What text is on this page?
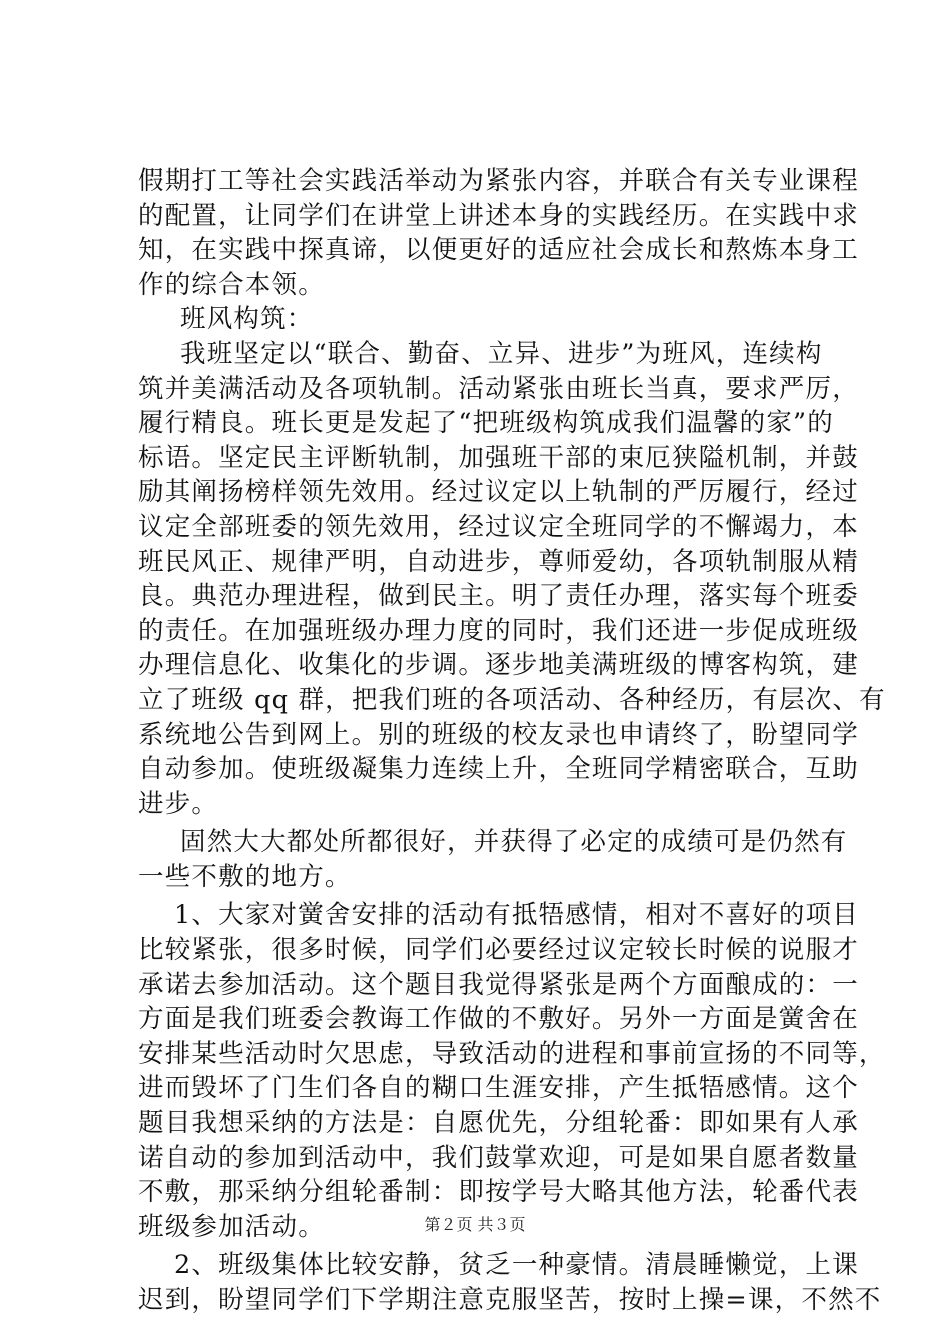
假期打工等社会实践活举动为紧张内容，并联合有关专业课程
的配置，让同学们在讲堂上讲述本身的实践经历。在实践中求
知，在实践中探真谛，以便更好的适应社会成长和熬炼本身工
作的综合本领。
班风构筑：
我班坚定以“联合、勤奋、立异、进步”为班风，连续构
筑并美满活动及各项轨制。活动紧张由班长当真，要求严厉，
履行精良。班长更是发起了“把班级构筑成我们温馨的家”的
标语。坚定民主评断轨制，加强班干部的束厄狭隘机制，并鼓
励其阐扬榜样领先效用。经过议定以上轨制的严厉履行，经过
议定全部班委的领先效用，经过议定全班同学的不懈竭力，本
班民风正、规律严明，自动进步，尊师爱幼，各项轨制服从精
良。典范办理进程，做到民主。明了责任办理，落实每个班委
的责任。在加强班级办理力度的同时，我们还进一步促成班级
办理信息化、收集化的步调。逐步地美满班级的博客构筑，建
立了班级 qq 群，把我们班的各项活动、各种经历，有层次、有
系统地公告到网上。别的班级的校友录也申请终了，盼望同学
自动参加。使班级凝集力连续上升，全班同学精密联合，互助
进步。
固然大大都处所都很好，并获得了必定的成绩可是仍然有
一些不敷的地方。
1、大家对黉舍安排的活动有抵牾感情，相对不喜好的项目
比较紧张，很多时候，同学们必要经过议定较长时候的说服才
承诺去参加活动。这个题目我觉得紧张是两个方面酿成的：一
方面是我们班委会教诲工作做的不敷好。另外一方面是黉舍在
安排某些活动时欠思虑，导致活动的进程和事前宣扬的不同等，
进而毁坏了门生们各自的糊口生涯安排，产生抵牾感情。这个
题目我想采纳的方法是：自愿优先，分组轮番：即如果有人承
诺自动的参加到活动中，我们鼓掌欢迎，可是如果自愿者数量
不敷，那采纳分组轮番制：即按学号大略其他方法，轮番代表
班级参加活动。
2、班级集体比较安静，贫乏一种豪情。清晨睡懒觉，上课
迟到，盼望同学们下学期注意克服坚苦，按时上操=课，不然不
第２页 共３页
